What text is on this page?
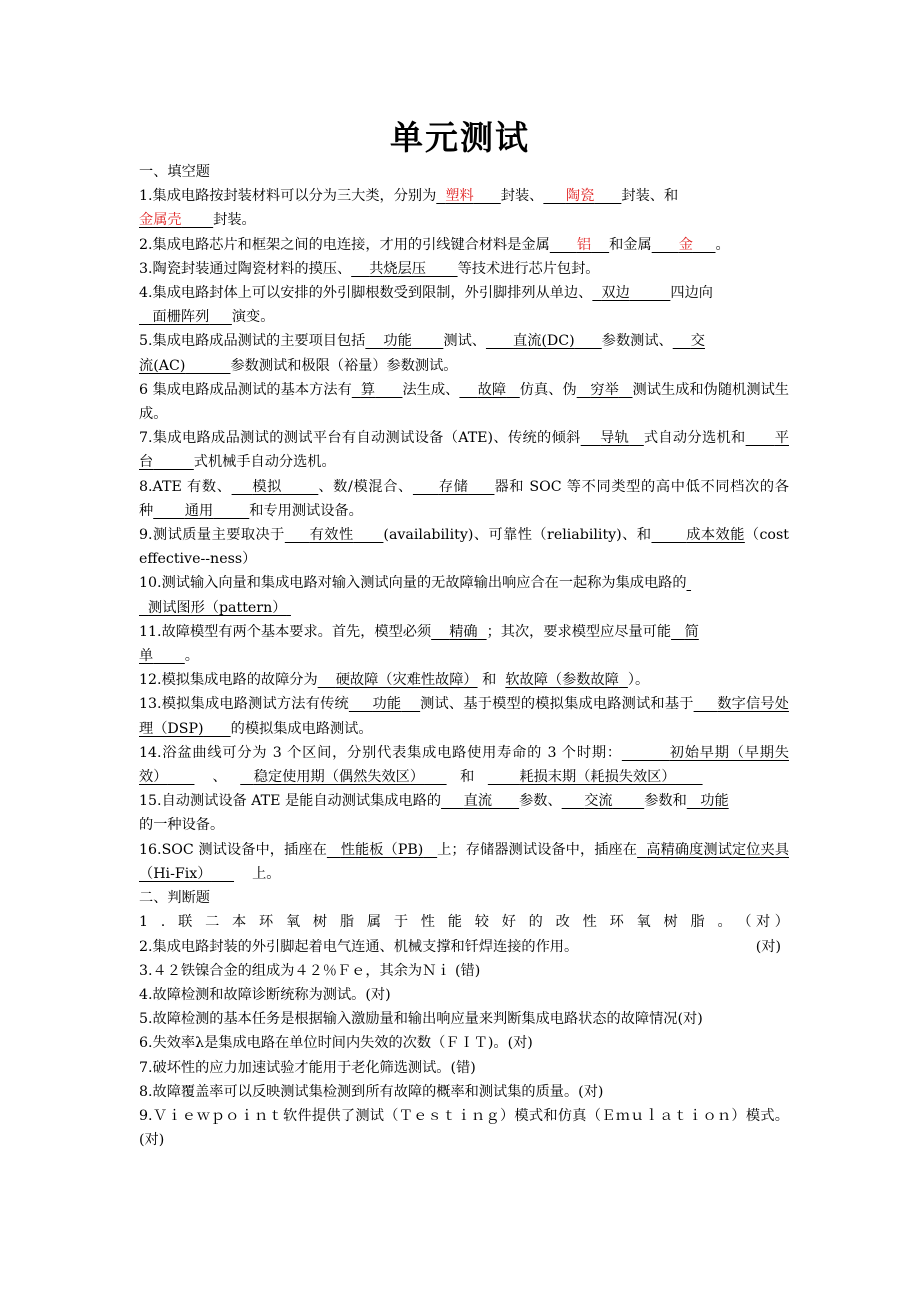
单元测试

一、填空题

1.集成电路按封装材料可以分为三大类，分别为 塑料 封装、 陶瓷 封装、和
金属壳 封装。

2.集成电路芯片和框架之间的电连接，才用的引线键合材料是金属 铝 和金属 金 。

3.陶瓷封装通过陶瓷材料的摸压、 共烧层压 等技术进行芯片包封。

4.集成电路封体上可以安排的外引脚根数受到限制，外引脚排列从单边、 双边	四边向
面栅阵列 演变。

5.集成电路成品测试的主要项目包括 功能 测试、 直流(DC) 参数测试、 交
流(AC)	参数测试和极限（裕量）参数测试。

6 集成电路成品测试的基本方法有 算 法生成、 故障 仿真、伪 穷举 测试生成和伪随机测试生成。

7.集成电路成品测试的测试平台有自动测试设备（ATE)、传统的倾斜 导轨 式自动分选机和 平台	式机械手自动分选机。

8.ATE 有数、 模拟	、数/模混合、 存储 器和 SOC 等不同类型的高中低不同档次的各种 通用	和专用测试设备。

9.测试质量主要取决于 有效性 (availability)、可靠性（reliability)、和 成本效能（cost　effective--ness）

10.测试输入向量和集成电路对输入测试向量的无故障输出响应合在一起称为集成电路的
测试图形（pattern）

11.故障模型有两个基本要求。首先，模型必须 精确 ；其次，要求模型应尽量可能 简
单 。

12.模拟集成电路的故障分为 硬故障（灾难性故障） 和 软故障（参数故障 ）。

13.模拟集成电路测试方法有传统 功能 测试、基于模型的模拟集成电路测试和基于 数字信号处理（DSP) 的模拟集成电路测试。

14.浴盆曲线可分为 3 个区间，分别代表集成电路使用寿命的 3 个时期：	初始早期（早期失效）	、 稳定使用期（偶然失效区）	和	耗损末期（耗损失效区）

15.自动测试设备 ATE 是能自动测试集成电路的 直流 参数、 交流 参数和 功能
的一种设备。

16.SOC 测试设备中，插座在 性能板（PB) 上；存储器测试设备中，插座在 高精确度测试定位夹具（Hi-Fix）	上。

二、判断题

1.联二本环氧树脂属于性能较好的改性环氧树脂。（ 对 ）

2.集成电路封装的外引脚起着电气连通、机械支撑和钎焊连接的作用。	(对)

3.４２铁镍合金的组成为４２％Ｆｅ，其余为Ｎｉ (错)

4.故障检测和故障诊断统称为测试。(对)

5.故障检测的基本任务是根据输入激励量和输出响应量来判断集成电路状态的故障情况(对)

6.失效率λ是集成电路在单位时间内失效的次数（ＦＩＴ)。(对)

7.破坏性的应力加速试验才能用于老化筛选测试。(错)

8.故障覆盖率可以反映测试集检测到所有故障的概率和测试集的质量。(对)

9.Ｖｉｅｗｐｏｉｎｔ软件提供了测试（Ｔｅｓｔｉｎｇ）模式和仿真（Ｅｍｕｌａｔｉｏｎ）模式。(对)
